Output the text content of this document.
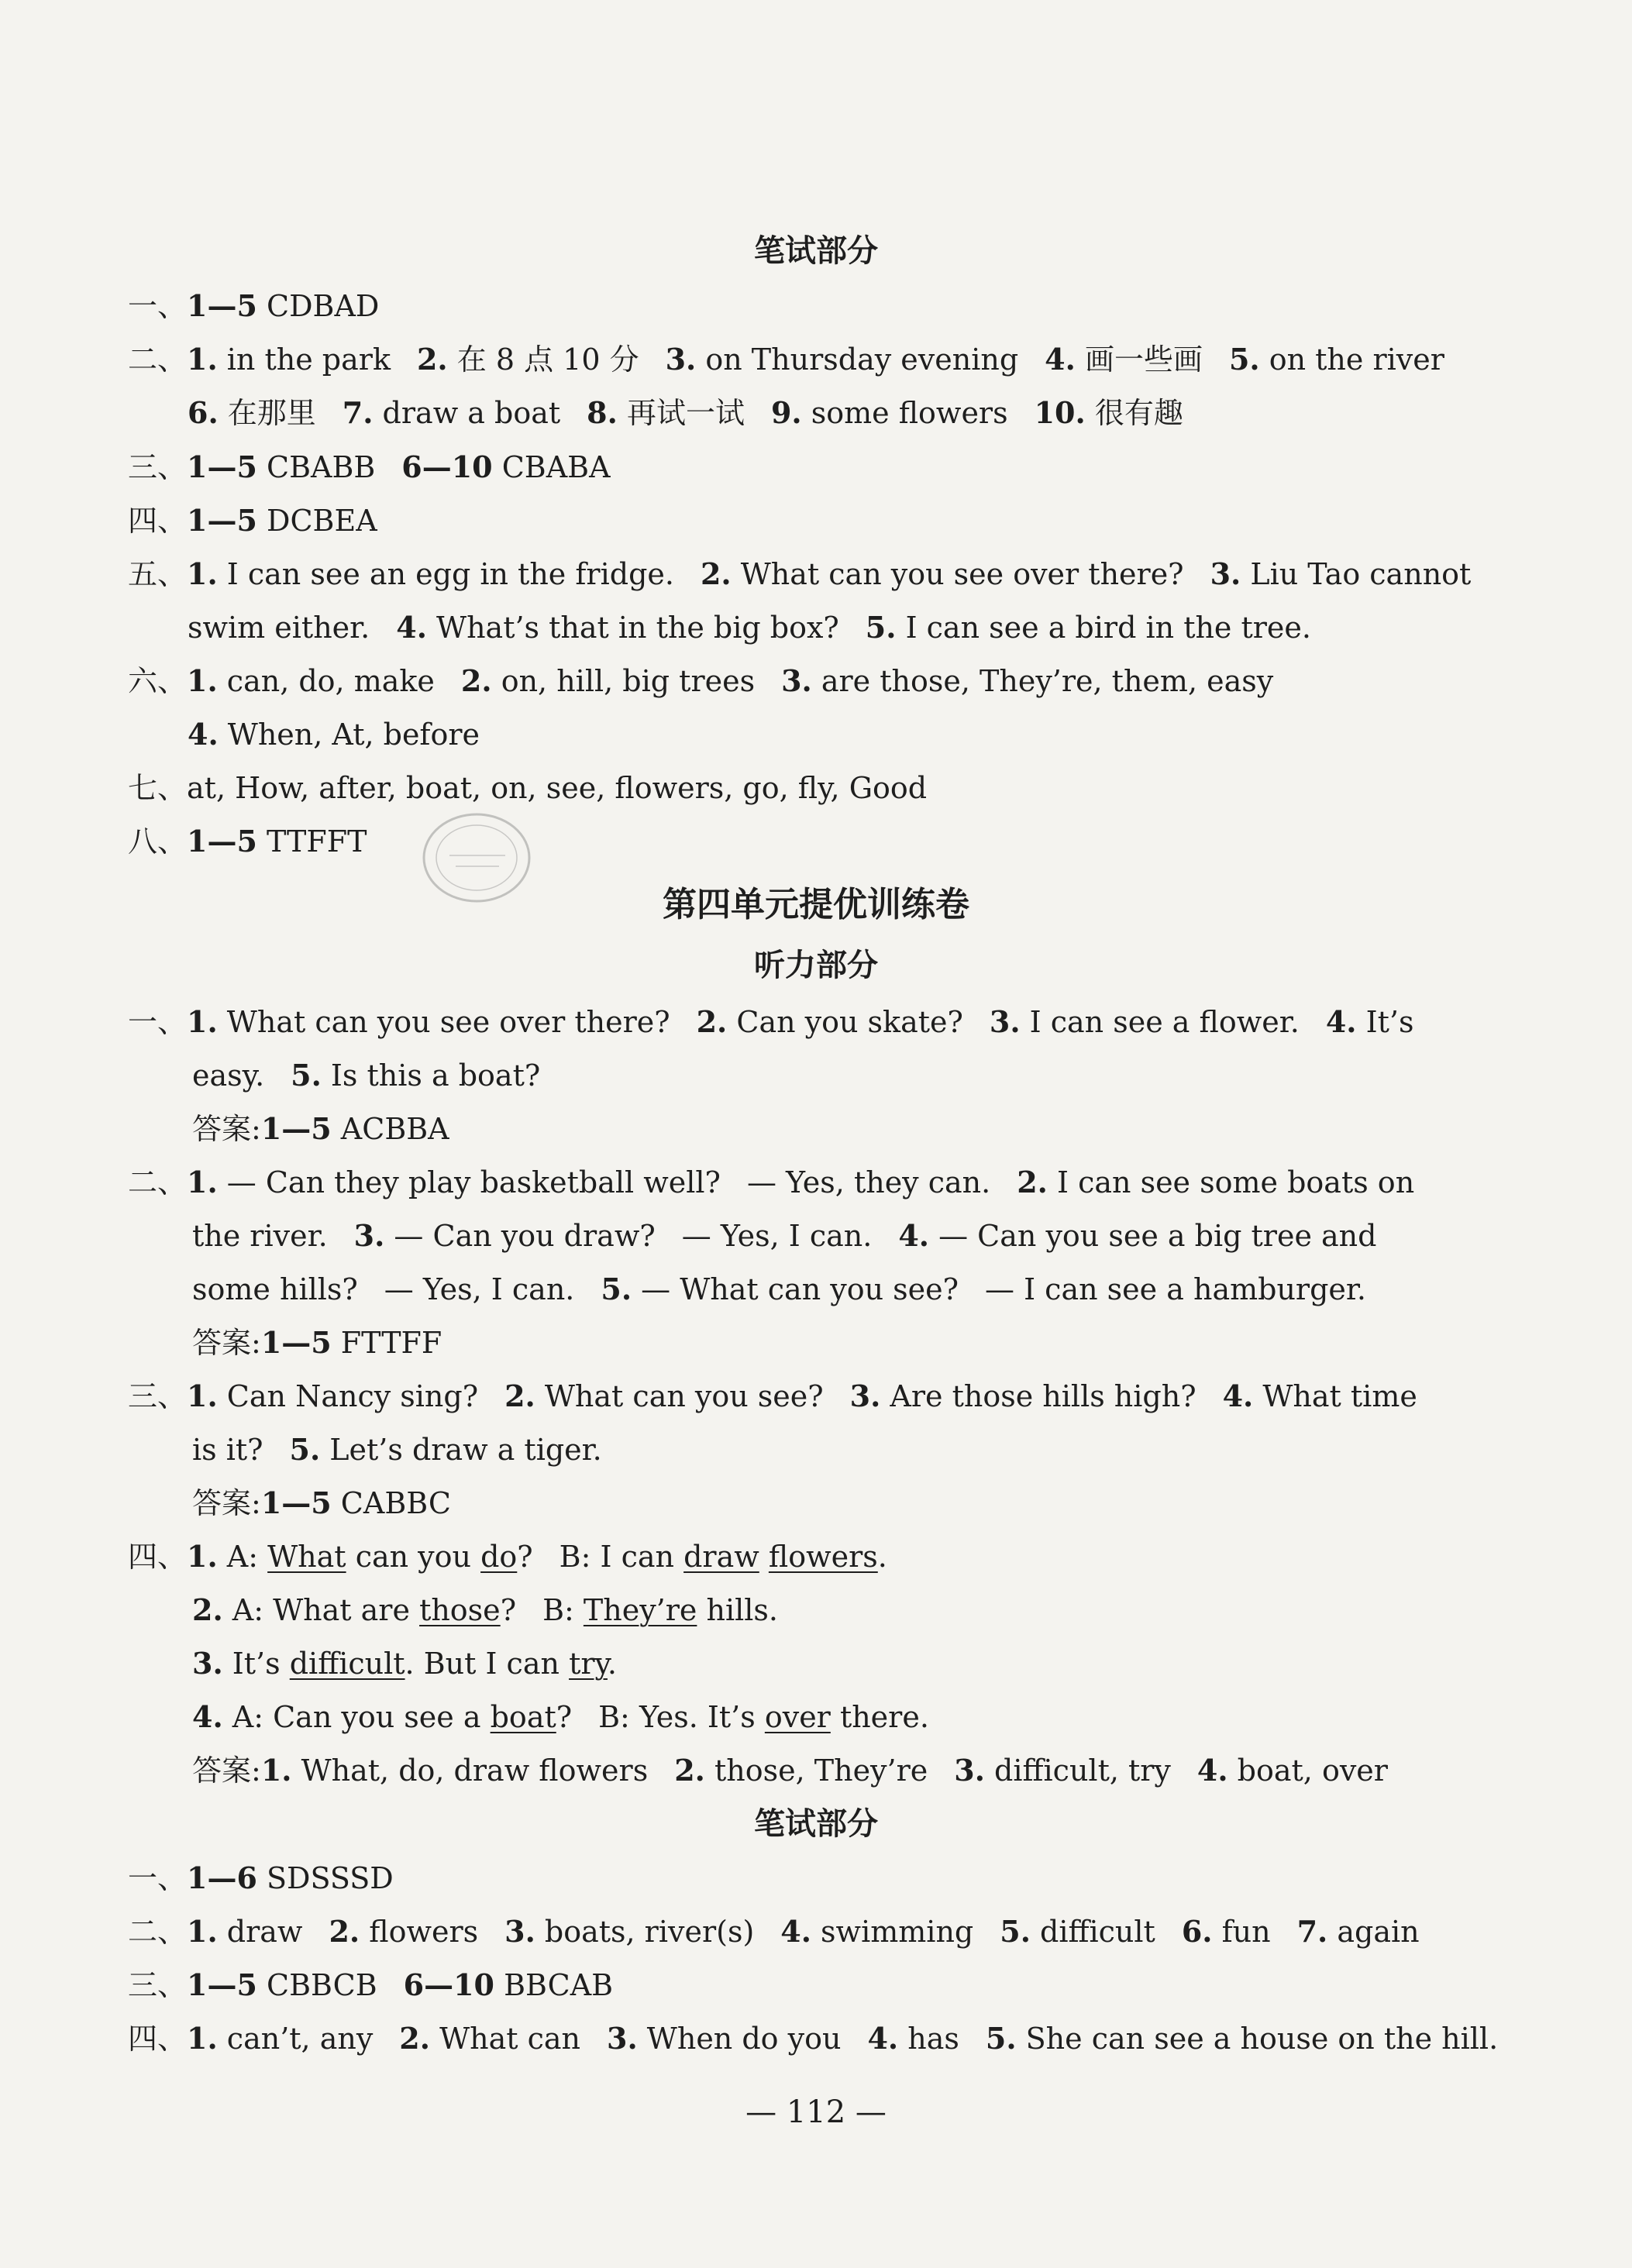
笔试部分
一、1—5 CDBAD
二、1. in the park 2. 在 8 点 10 分 3. on Thursday evening 4. 画一些画 5. on the river
6. 在那里 7. draw a boat 8. 再试一试 9. some flowers 10. 很有趣
三、1—5 CBABB 6—10 CBABA
四、1—5 DCBEA
五、1. I can see an egg in the fridge. 2. What can you see over there? 3. Liu Tao cannot
swim either. 4. What’s that in the big box? 5. I can see a bird in the tree.
六、1. can, do, make 2. on, hill, big trees 3. are those, They’re, them, easy
4. When, At, before
七、at, How, after, boat, on, see, flowers, go, fly, Good
八、1—5 TTFFT
第四单元提优训练卷
听力部分
一、1. What can you see over there? 2. Can you skate? 3. I can see a flower. 4. It’s
easy. 5. Is this a boat?
答案:1—5 ACBBA
二、1. — Can they play basketball well? — Yes, they can. 2. I can see some boats on
the river. 3. — Can you draw? — Yes, I can. 4. — Can you see a big tree and
some hills? — Yes, I can. 5. — What can you see? — I can see a hamburger.
答案:1—5 FTTFF
三、1. Can Nancy sing? 2. What can you see? 3. Are those hills high? 4. What time
is it? 5. Let’s draw a tiger.
答案:1—5 CABBC
四、1. A: What can you do? B: I can draw flowers.
2. A: What are those? B: They’re hills.
3. It’s difficult. But I can try.
4. A: Can you see a boat? B: Yes. It’s over there.
答案:1. What, do, draw flowers 2. those, They’re 3. difficult, try 4. boat, over
笔试部分
一、1—6 SDSSSD
二、1. draw 2. flowers 3. boats, river(s) 4. swimming 5. difficult 6. fun 7. again
三、1—5 CBBCB 6—10 BBCAB
四、1. can’t, any 2. What can 3. When do you 4. has 5. She can see a house on the hill.
— 112 —
